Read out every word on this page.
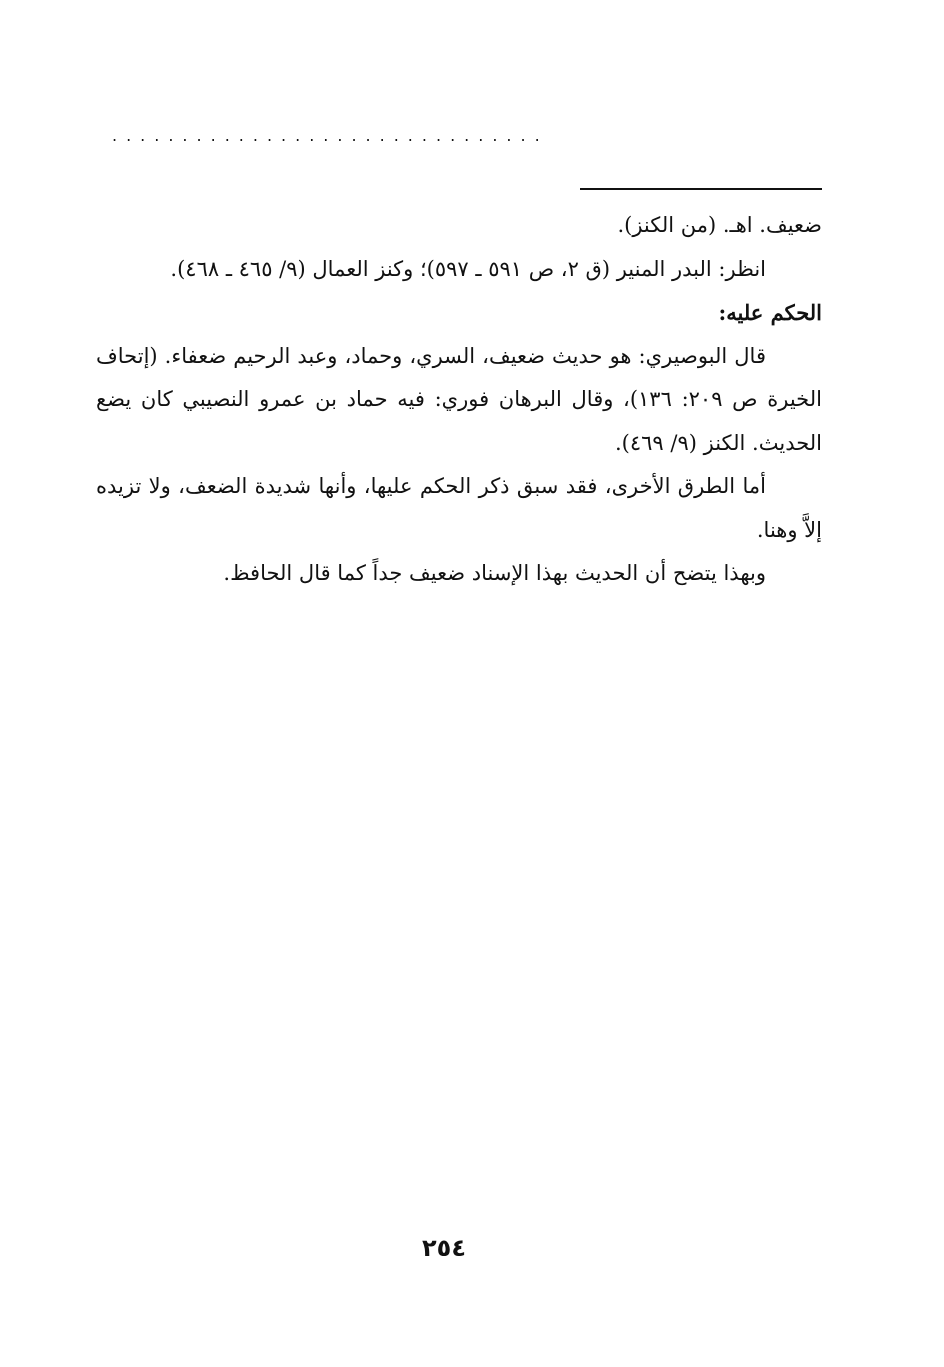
...............................

ضعيف. اهـ. (من الكنز).

انظر: البدر المنير (ق ٢، ص ٥٩١ ـ ٥٩٧)؛ وكنز العمال (٩/ ٤٦٥ ـ ٤٦٨).

الحكم عليه:

قال البوصيري: هو حديث ضعيف، السري، وحماد، وعبد الرحيم ضعفاء. (إتحاف الخيرة ص ٢٠٩: ١٣٦)، وقال البرهان فوري: فيه حماد بن عمرو النصيبي كان يضع الحديث. الكنز (٩/ ٤٦٩).

أما الطرق الأخرى، فقد سبق ذكر الحكم عليها، وأنها شديدة الضعف، ولا تزيده إلاَّ وهنا.

وبهذا يتضح أن الحديث بهذا الإسناد ضعيف جداً كما قال الحافظ.

٢٥٤
